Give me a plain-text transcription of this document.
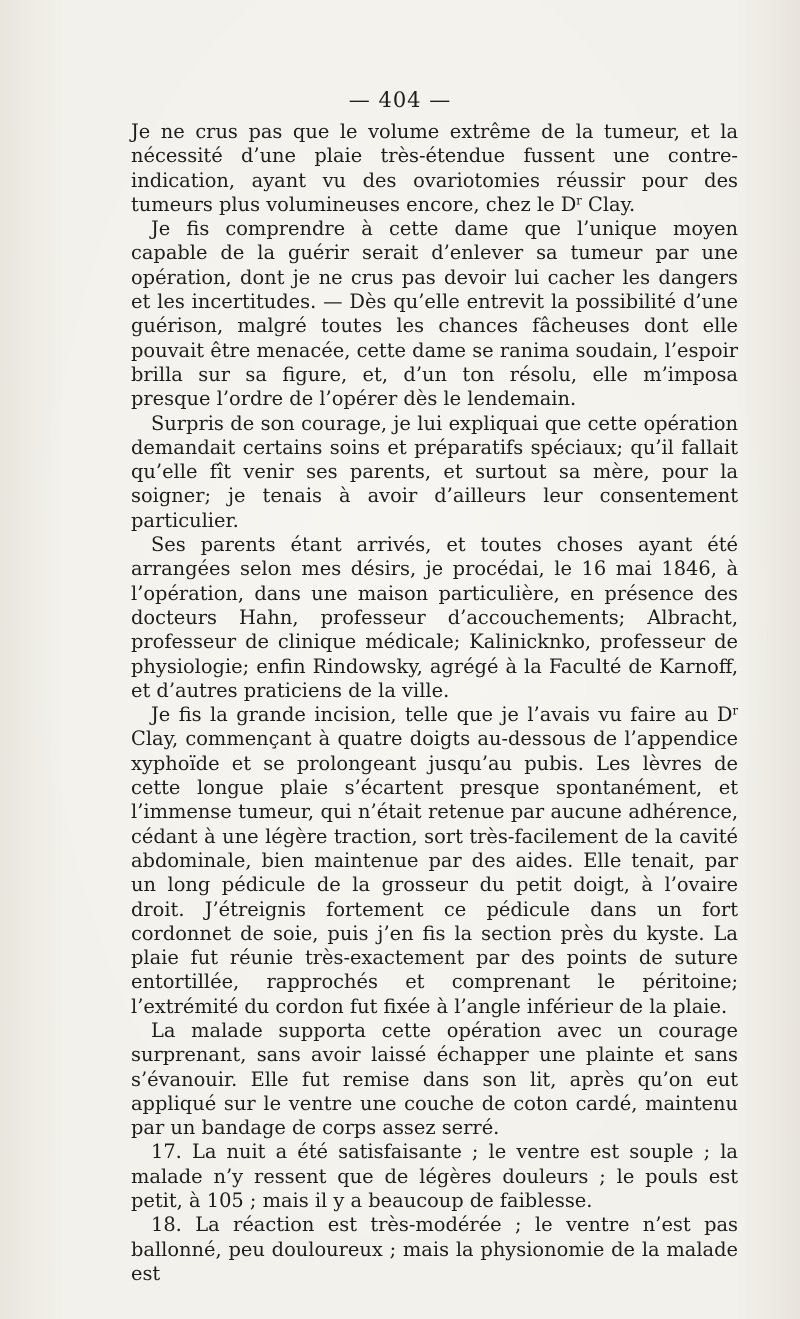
— 404 —

Je ne crus pas que le volume extrême de la tumeur, et la nécessité d’une plaie très-étendue fussent une contre-indication, ayant vu des ovariotomies réussir pour des tumeurs plus volumineuses encore, chez le $D^r$ Clay.

Je fis comprendre à cette dame que l’unique moyen capable de la guérir serait d’enlever sa tumeur par une opération, dont je ne crus pas devoir lui cacher les dangers et les incertitudes. — Dès qu’elle entrevit la possibilité d’une guérison, malgré toutes les chances fâcheuses dont elle pouvait être menacée, cette dame se ranima soudain, l’espoir brilla sur sa figure, et, d’un ton résolu, elle m’imposa presque l’ordre de l’opérer dès le lendemain.

Surpris de son courage, je lui expliquai que cette opération demandait certains soins et préparatifs spéciaux; qu’il fallait qu’elle fît venir ses parents, et surtout sa mère, pour la soigner; je tenais à avoir d’ailleurs leur consentement particulier.

Ses parents étant arrivés, et toutes choses ayant été arrangées selon mes désirs, je procédai, le 16 mai 1846, à l’opération, dans une maison particulière, en présence des docteurs Hahn, professeur d’accouchements; Albracht, professeur de clinique médicale; Kalinicknko, professeur de physiologie; enfin Rindowsky, agrégé à la Faculté de Karnoff, et d’autres praticiens de la ville.

Je fis la grande incision, telle que je l’avais vu faire au $D^r$ Clay, commençant à quatre doigts au-dessous de l’appendice xyphoïde et se prolongeant jusqu’au pubis. Les lèvres de cette longue plaie s’écartent presque spontanément, et l’immense tumeur, qui n’était retenue par aucune adhérence, cédant à une légère traction, sort très-facilement de la cavité abdominale, bien maintenue par des aides. Elle tenait, par un long pédicule de la grosseur du petit doigt, à l’ovaire droit. J’étreignis fortement ce pédicule dans un fort cordonnet de soie, puis j’en fis la section près du kyste. La plaie fut réunie très-exactement par des points de suture entortillée, rapprochés et comprenant le péritoine; l’extrémité du cordon fut fixée à l’angle inférieur de la plaie.

La malade supporta cette opération avec un courage surprenant, sans avoir laissé échapper une plainte et sans s’évanouir. Elle fut remise dans son lit, après qu’on eut appliqué sur le ventre une couche de coton cardé, maintenu par un bandage de corps assez serré.

17. La nuit a été satisfaisante ; le ventre est souple ; la malade n’y ressent que de légères douleurs ; le pouls est petit, à 105 ; mais il y a beaucoup de faiblesse.

18. La réaction est très-modérée ; le ventre n’est pas ballonné, peu douloureux ; mais la physionomie de la malade est
